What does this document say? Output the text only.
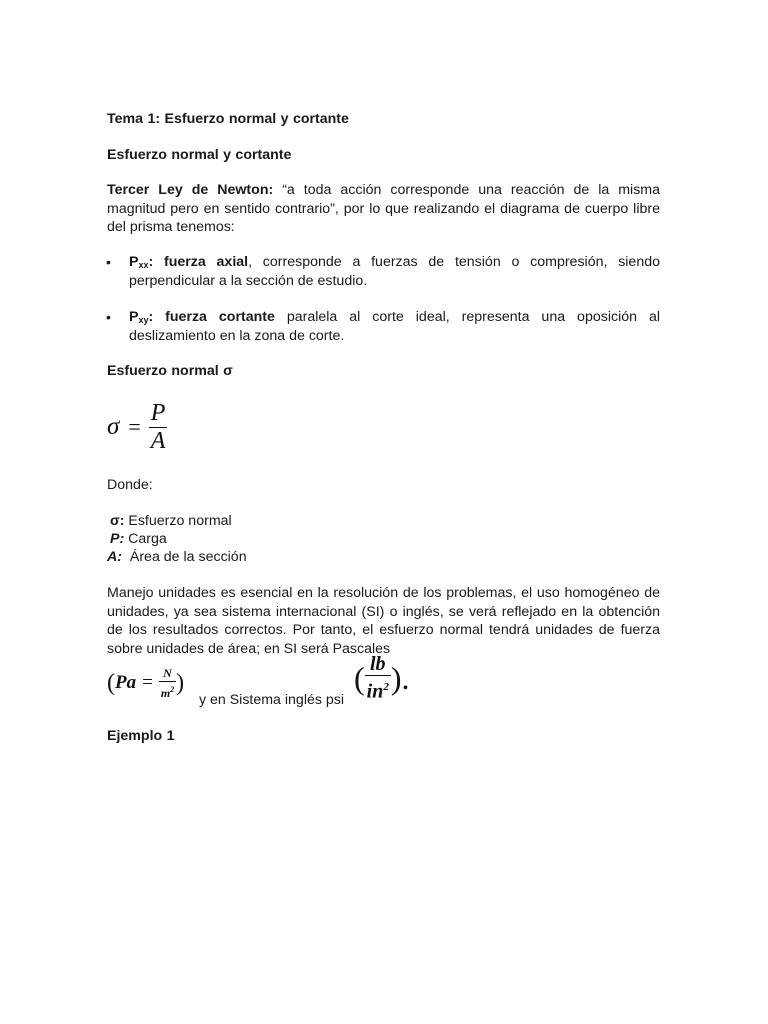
Tema 1: Esfuerzo normal y cortante
Esfuerzo normal y cortante
Tercer Ley de Newton: “a toda acción corresponde una reacción de la misma magnitud pero en sentido contrario”, por lo que realizando el diagrama de cuerpo libre del prisma tenemos:
• $P_{xx}$: fuerza axial, corresponde a fuerzas de tensión o compresión, siendo perpendicular a la sección de estudio.
• $P_{xy}$: fuerza cortante paralela al corte ideal, representa una oposición al deslizamiento en la zona de corte.
Esfuerzo normal σ
$\sigma = \frac{P}{A}$
Donde:
σ: Esfuerzo normal
P: Carga
A:  Área de la sección
Manejo unidades es esencial en la resolución de los problemas, el uso homogéneo de unidades, ya sea sistema internacional (SI) o inglés, se verá reflejado en la obtención de los resultados correctos. Por tanto, el esfuerzo normal tendrá unidades de fuerza sobre unidades de área; en SI será Pascales
( $Pa = \frac{N}{m^2}$ )
y en Sistema inglés psi
( $\frac{lb}{in^2}$ ).
Ejemplo 1
